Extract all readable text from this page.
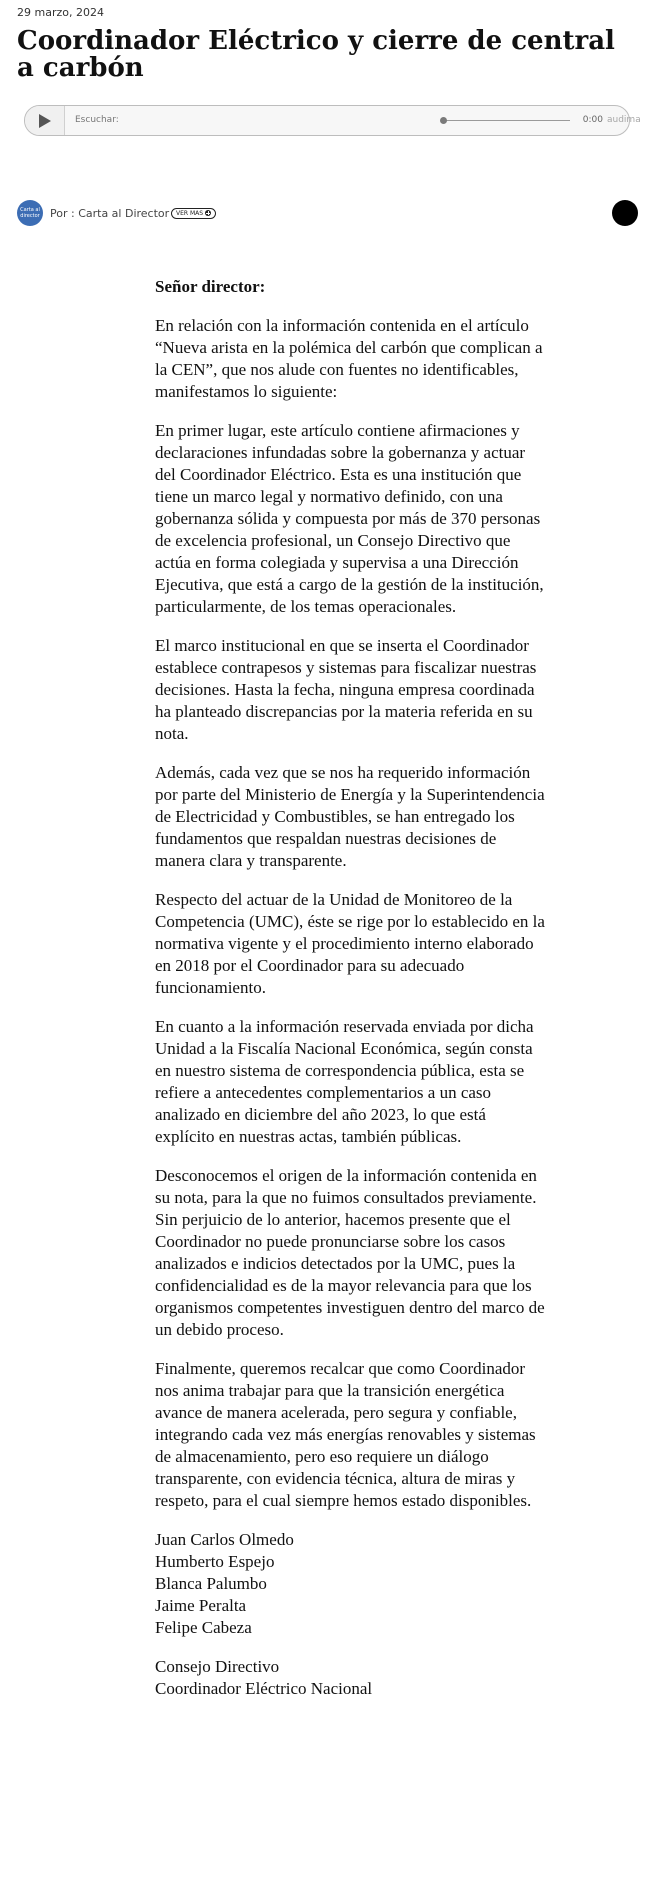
29 marzo, 2024
Coordinador Eléctrico y cierre de central a carbón
Escuchar:	0:00 audima
Carta al director Por : Carta al Director	VER MAS

Señor director:

En relación con la información contenida en el artículo “Nueva arista en la polémica del carbón que complican a la CEN”, que nos alude con fuentes no identificables, manifestamos lo siguiente:

En primer lugar, este artículo contiene afirmaciones y declaraciones infundadas sobre la gobernanza y actuar del Coordinador Eléctrico. Esta es una institución que tiene un marco legal y normativo definido, con una gobernanza sólida y compuesta por más de 370 personas de excelencia profesional, un Consejo Directivo que actúa en forma colegiada y supervisa a una Dirección Ejecutiva, que está a cargo de la gestión de la institución, particularmente, de los temas operacionales.

El marco institucional en que se inserta el Coordinador establece contrapesos y sistemas para fiscalizar nuestras decisiones. Hasta la fecha, ninguna empresa coordinada ha planteado discrepancias por la materia referida en su nota.

Además, cada vez que se nos ha requerido información por parte del Ministerio de Energía y la Superintendencia de Electricidad y Combustibles, se han entregado los fundamentos que respaldan nuestras decisiones de manera clara y transparente.

Respecto del actuar de la Unidad de Monitoreo de la Competencia (UMC), éste se rige por lo establecido en la normativa vigente y el procedimiento interno elaborado en 2018 por el Coordinador para su adecuado funcionamiento.

En cuanto a la información reservada enviada por dicha Unidad a la Fiscalía Nacional Económica, según consta en nuestro sistema de correspondencia pública, esta se refiere a antecedentes complementarios a un caso analizado en diciembre del año 2023, lo que está explícito en nuestras actas, también públicas.

Desconocemos el origen de la información contenida en su nota, para la que no fuimos consultados previamente. Sin perjuicio de lo anterior, hacemos presente que el Coordinador no puede pronunciarse sobre los casos analizados e indicios detectados por la UMC, pues la confidencialidad es de la mayor relevancia para que los organismos competentes investiguen dentro del marco de un debido proceso.

Finalmente, queremos recalcar que como Coordinador nos anima trabajar para que la transición energética avance de manera acelerada, pero segura y confiable, integrando cada vez más energías renovables y sistemas de almacenamiento, pero eso requiere un diálogo transparente, con evidencia técnica, altura de miras y respeto, para el cual siempre hemos estado disponibles.

Juan Carlos Olmedo
Humberto Espejo
Blanca Palumbo
Jaime Peralta
Felipe Cabeza
Consejo Directivo
Coordinador Eléctrico Nacional
